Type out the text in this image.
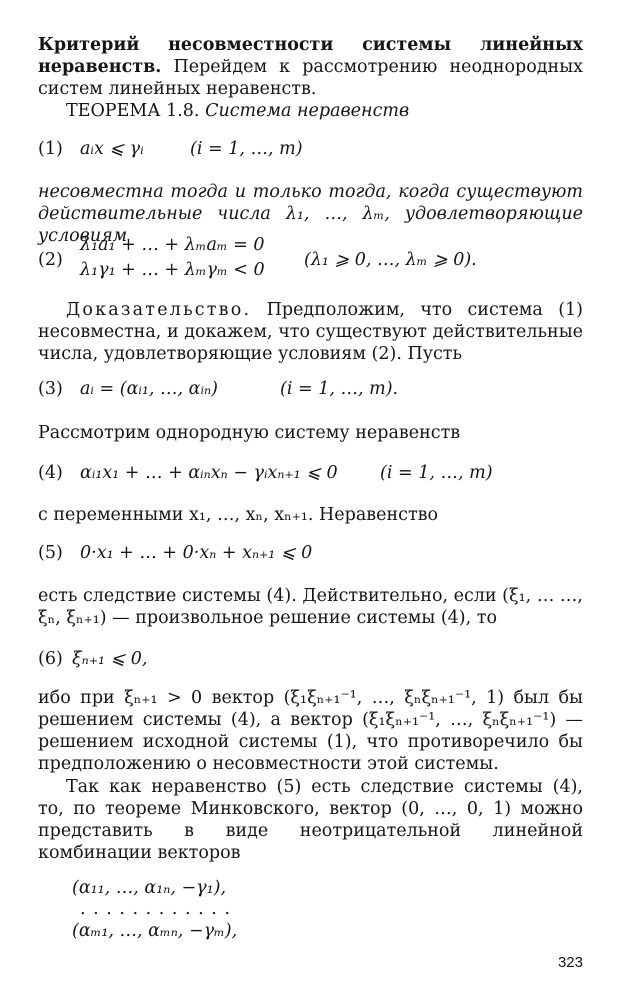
Критерий несовместности системы линейных неравенств. Перейдем к рассмотрению неоднородных систем линейных неравенств.

ТЕОРЕМА 1.8. Система неравенств

(1) aᵢx ⩽ γᵢ	(i = 1, …, m)

несовместна тогда и только тогда, когда существуют действительные числа λ₁, …, λₘ, удовлетворяющие условиям

(2)
λ₁a₁ + … + λₘaₘ = 0
λ₁γ₁ + … + λₘγₘ < 0 (λ₁ ⩾ 0, …, λₘ ⩾ 0).

Доказательство. Предположим, что система (1) несовместна, и докажем, что существуют действительные числа, удовлетворяющие условиям (2). Пусть

(3) aᵢ = (αᵢ₁, …, αᵢₙ)	(i = 1, …, m).

Рассмотрим однородную систему неравенств

(4) αᵢ₁x₁ + … + αᵢₙxₙ − γᵢxₙ₊₁ ⩽ 0 (i = 1, …, m)

с переменными x₁, …, xₙ, xₙ₊₁. Неравенство

(5) 0·x₁ + … + 0·xₙ + xₙ₊₁ ⩽ 0

есть следствие системы (4). Действительно, если (ξ₁, … …, ξₙ, ξₙ₊₁) — произвольное решение системы (4), то

(6) ξₙ₊₁ ⩽ 0,

ибо при ξₙ₊₁ > 0 вектор (ξ₁ξₙ₊₁⁻¹, …, ξₙξₙ₊₁⁻¹, 1) был бы решением системы (4), а вектор (ξ₁ξₙ₊₁⁻¹, …, ξₙξₙ₊₁⁻¹) — решением исходной системы (1), что противоречило бы предположению о несовместности этой системы.

Так как неравенство (5) есть следствие системы (4), то, по теореме Минковского, вектор (0, …, 0, 1) можно представить в виде неотрицательной линейной комбинации векторов

(α₁₁, …, α₁ₙ, −γ₁),
. . . . . . . . . . . .
(αₘ₁, …, αₘₙ, −γₘ),
323
